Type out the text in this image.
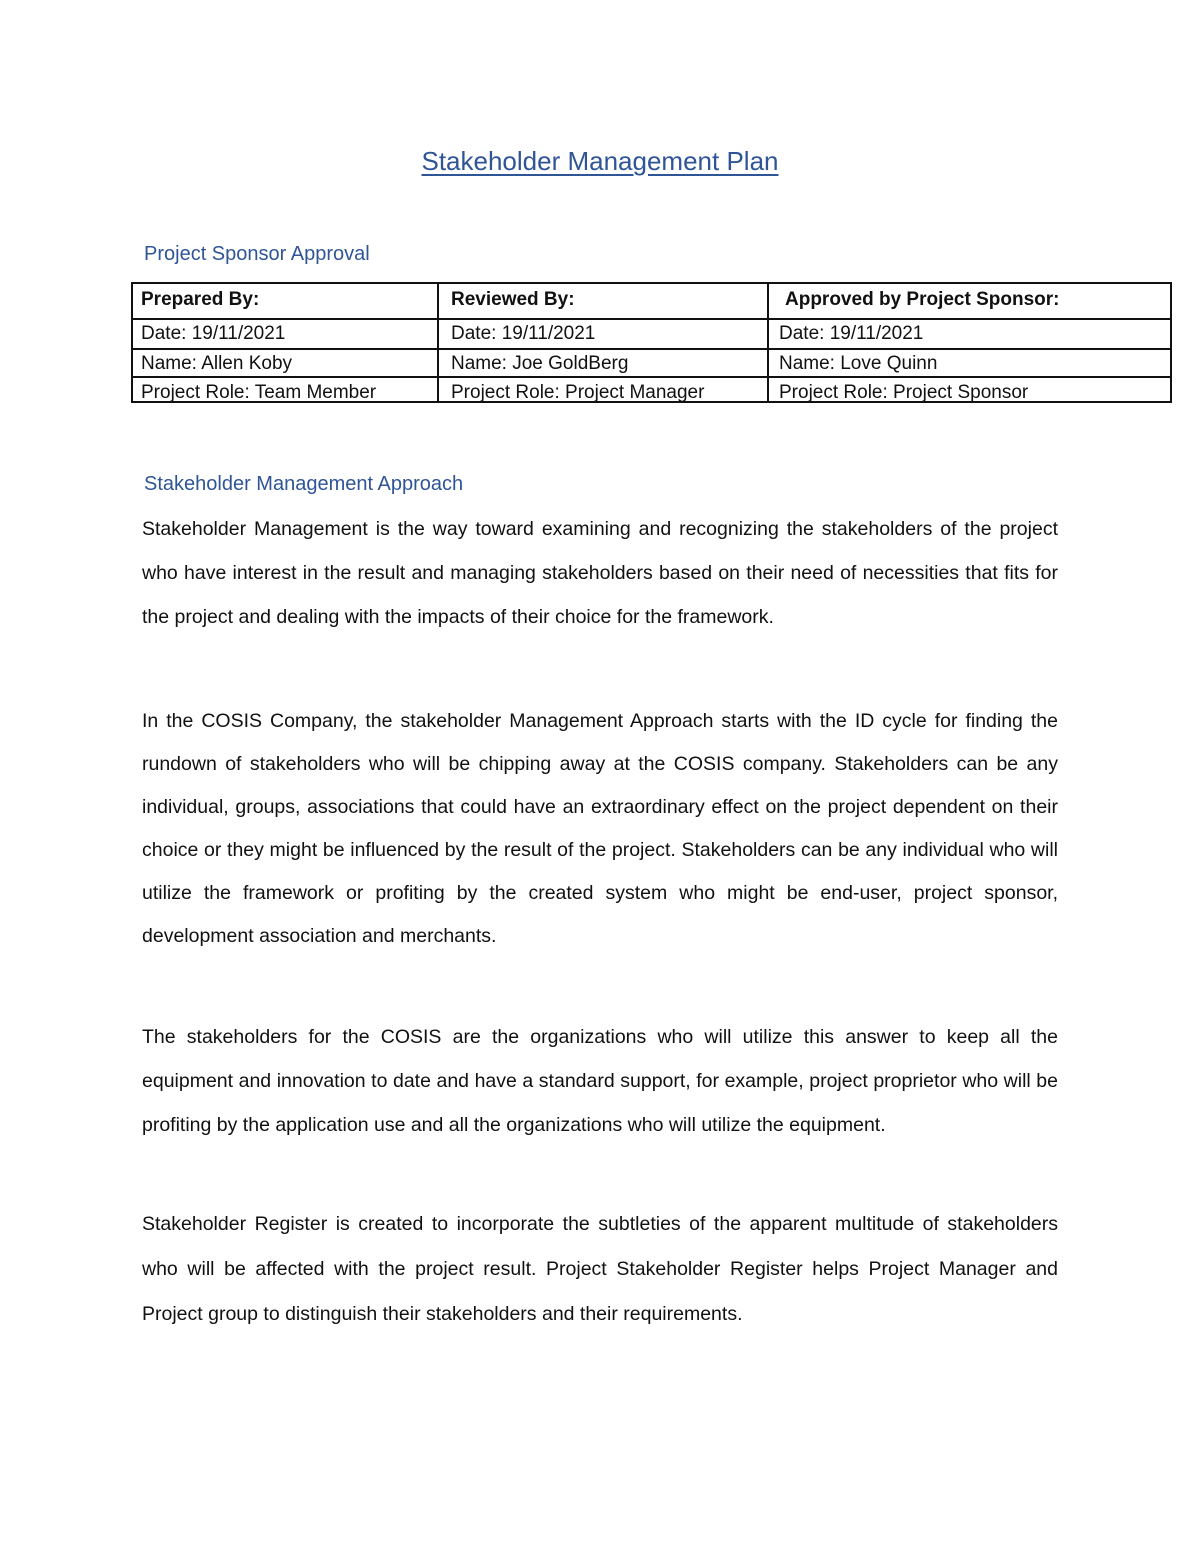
Stakeholder Management Plan
Project Sponsor Approval
Prepared By:	Reviewed By:	Approved by Project Sponsor:
Date: 19/11/2021	Date: 19/11/2021	Date: 19/11/2021
Name: Allen Koby	Name: Joe GoldBerg	Name: Love Quinn
Project Role: Team Member	Project Role: Project Manager	Project Role: Project Sponsor
Stakeholder Management Approach

Stakeholder Management is the way toward examining and recognizing the stakeholders of the project who have interest in the result and managing stakeholders based on their need of necessities that fits for the project and dealing with the impacts of their choice for the framework.

In the COSIS Company, the stakeholder Management Approach starts with the ID cycle for finding the rundown of stakeholders who will be chipping away at the COSIS company. Stakeholders can be any individual, groups, associations that could have an extraordinary effect on the project dependent on their choice or they might be influenced by the result of the project. Stakeholders can be any individual who will utilize the framework or profiting by the created system who might be end-user, project sponsor, development association and merchants.

The stakeholders for the COSIS are the organizations who will utilize this answer to keep all the equipment and innovation to date and have a standard support, for example, project proprietor who will be profiting by the application use and all the organizations who will utilize the equipment.

Stakeholder Register is created to incorporate the subtleties of the apparent multitude of stakeholders who will be affected with the project result. Project Stakeholder Register helps Project Manager and Project group to distinguish their stakeholders and their requirements.
